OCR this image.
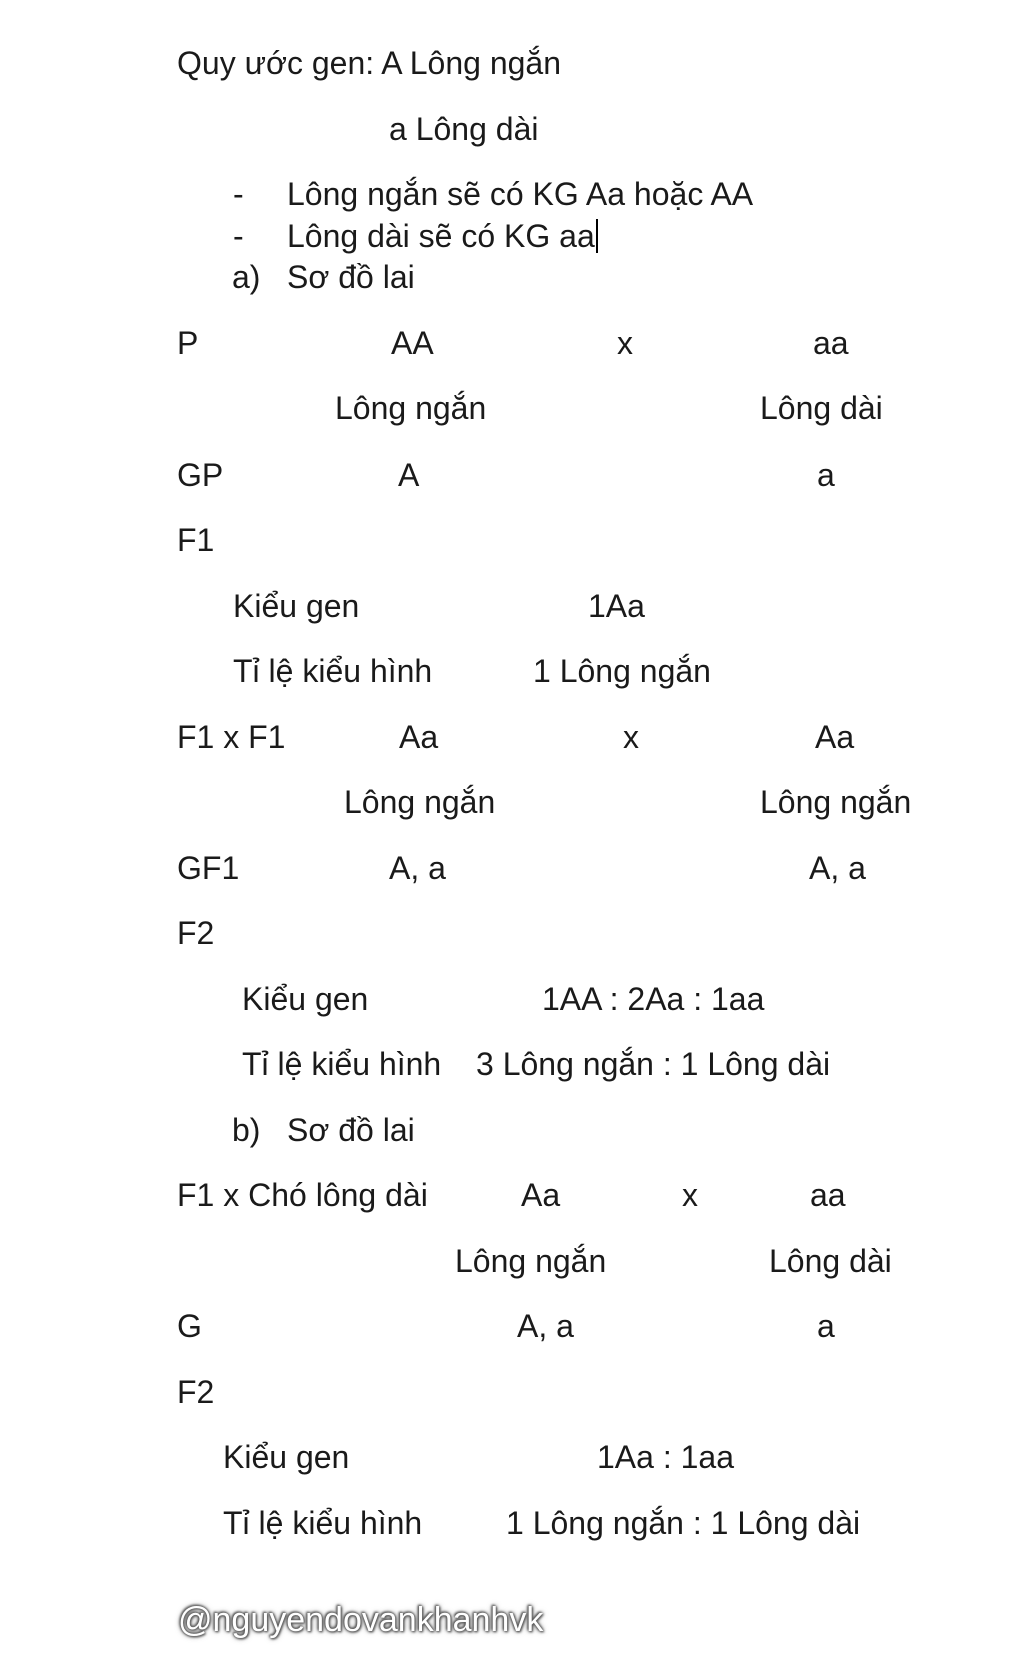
Quy ước gen: A Lông ngắn
a Lông dài
- Lông ngắn sẽ có KG Aa hoặc AA
- Lông dài sẽ có KG aa
a) Sơ đồ lai
P	AA	x	aa
Lông ngắn	Lông dài
GP	A	a
F1
Kiểu gen	1Aa
Tỉ lệ kiểu hình	1 Lông ngắn
F1 x F1	Aa	x	Aa
Lông ngắn	Lông ngắn
GF1	A, a	A, a
F2
Kiểu gen	1AA : 2Aa : 1aa
Tỉ lệ kiểu hình 3 Lông ngắn : 1 Lông dài
b) Sơ đồ lai
F1 x Chó lông dài	Aa	x	aa
Lông ngắn	Lông dài
G	A, a	a
F2
Kiểu gen	1Aa : 1aa
Tỉ lệ kiểu hình	1 Lông ngắn : 1 Lông dài
@nguyendovankhanhvk
